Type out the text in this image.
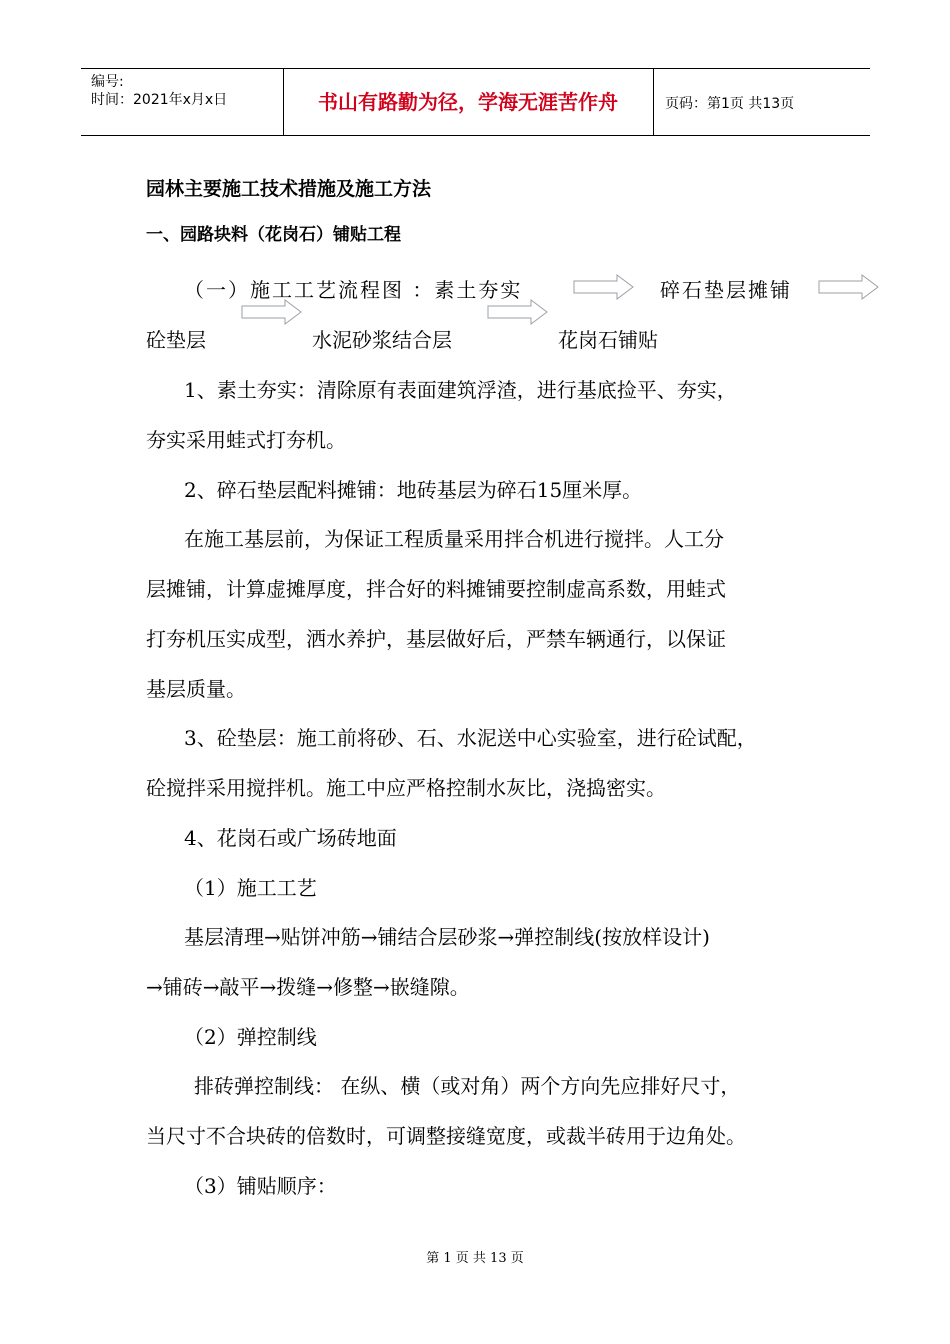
编号:
时间：2021年x月x日	书山有路勤为径，学海无涯苦作舟	页码：第1页 共13页
园林主要施工技术措施及施工方法
一、园路块料（花岗石）铺贴工程
（一）施工工艺流程图 ：素土夯实	碎石垫层摊铺
砼垫层	水泥砂浆结合层	花岗石铺贴
1、素土夯实：清除原有表面建筑浮渣，进行基底捡平、夯实，
夯实采用蛙式打夯机。
2、碎石垫层配料摊铺：地砖基层为碎石15厘米厚。
在施工基层前，为保证工程质量采用拌合机进行搅拌。人工分
层摊铺，计算虚摊厚度，拌合好的料摊铺要控制虚高系数，用蛙式
打夯机压实成型，洒水养护，基层做好后，严禁车辆通行，以保证
基层质量。
3、砼垫层：施工前将砂、石、水泥送中心实验室，进行砼试配，
砼搅拌采用搅拌机。施工中应严格控制水灰比，浇捣密实。
4、花岗石或广场砖地面
（1）施工工艺
基层清理→贴饼冲筋→铺结合层砂浆→弹控制线(按放样设计)
→铺砖→敲平→拨缝→修整→嵌缝隙。
（2）弹控制线
排砖弹控制线： 在纵、横（或对角）两个方向先应排好尺寸，
当尺寸不合块砖的倍数时，可调整接缝宽度，或裁半砖用于边角处。
（3）铺贴顺序：
第 1 页 共 13 页
